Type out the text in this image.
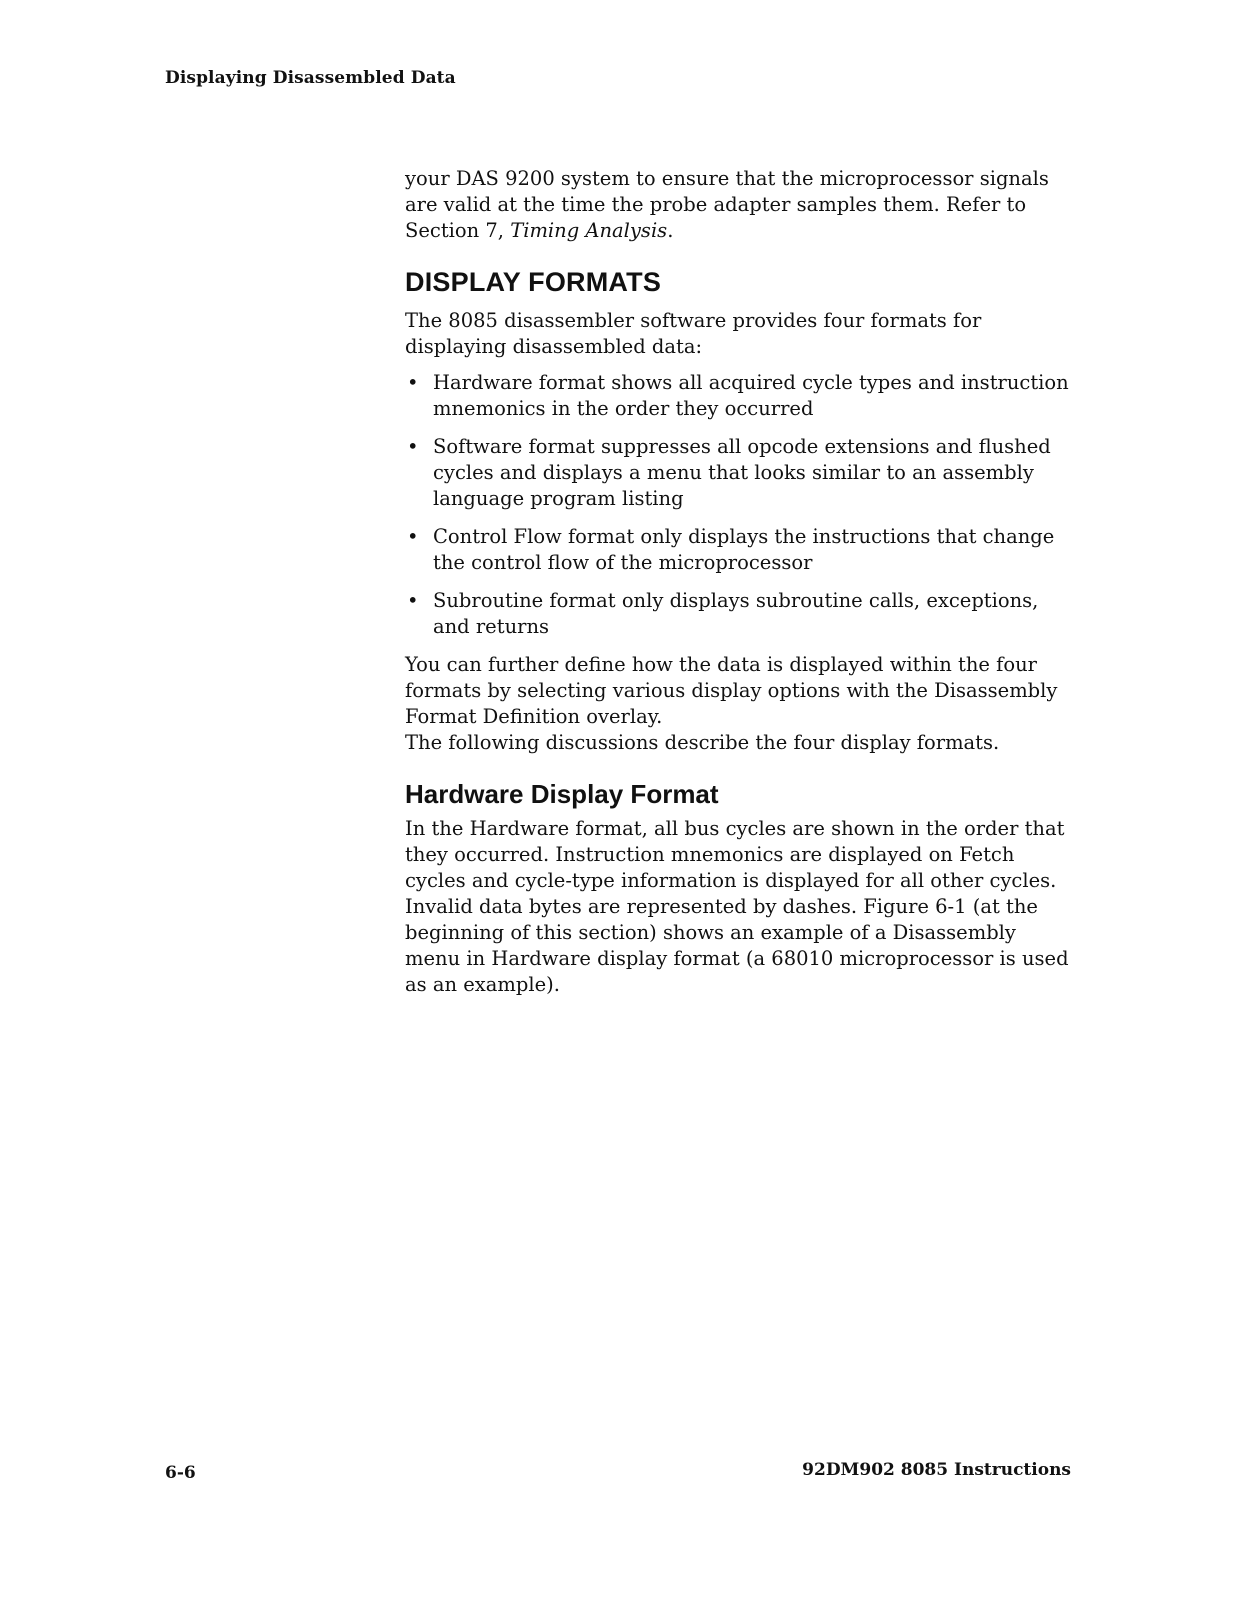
Displaying Disassembled Data

your DAS 9200 system to ensure that the microprocessor signals are valid at the time the probe adapter samples them. Refer to Section 7, Timing Analysis.

DISPLAY FORMATS

The 8085 disassembler software provides four formats for displaying disassembled data:

• Hardware format shows all acquired cycle types and instruction mnemonics in the order they occurred
• Software format suppresses all opcode extensions and flushed cycles and displays a menu that looks similar to an assembly language program listing
• Control Flow format only displays the instructions that change the control flow of the microprocessor
• Subroutine format only displays subroutine calls, exceptions, and returns

You can further define how the data is displayed within the four formats by selecting various display options with the Disassembly Format Definition overlay.

The following discussions describe the four display formats.

Hardware Display Format

In the Hardware format, all bus cycles are shown in the order that they occurred. Instruction mnemonics are displayed on Fetch cycles and cycle-type information is displayed for all other cycles. Invalid data bytes are represented by dashes. Figure 6-1 (at the beginning of this section) shows an example of a Disassembly menu in Hardware display format (a 68010 microprocessor is used as an example).

6-6	92DM902 8085 Instructions
